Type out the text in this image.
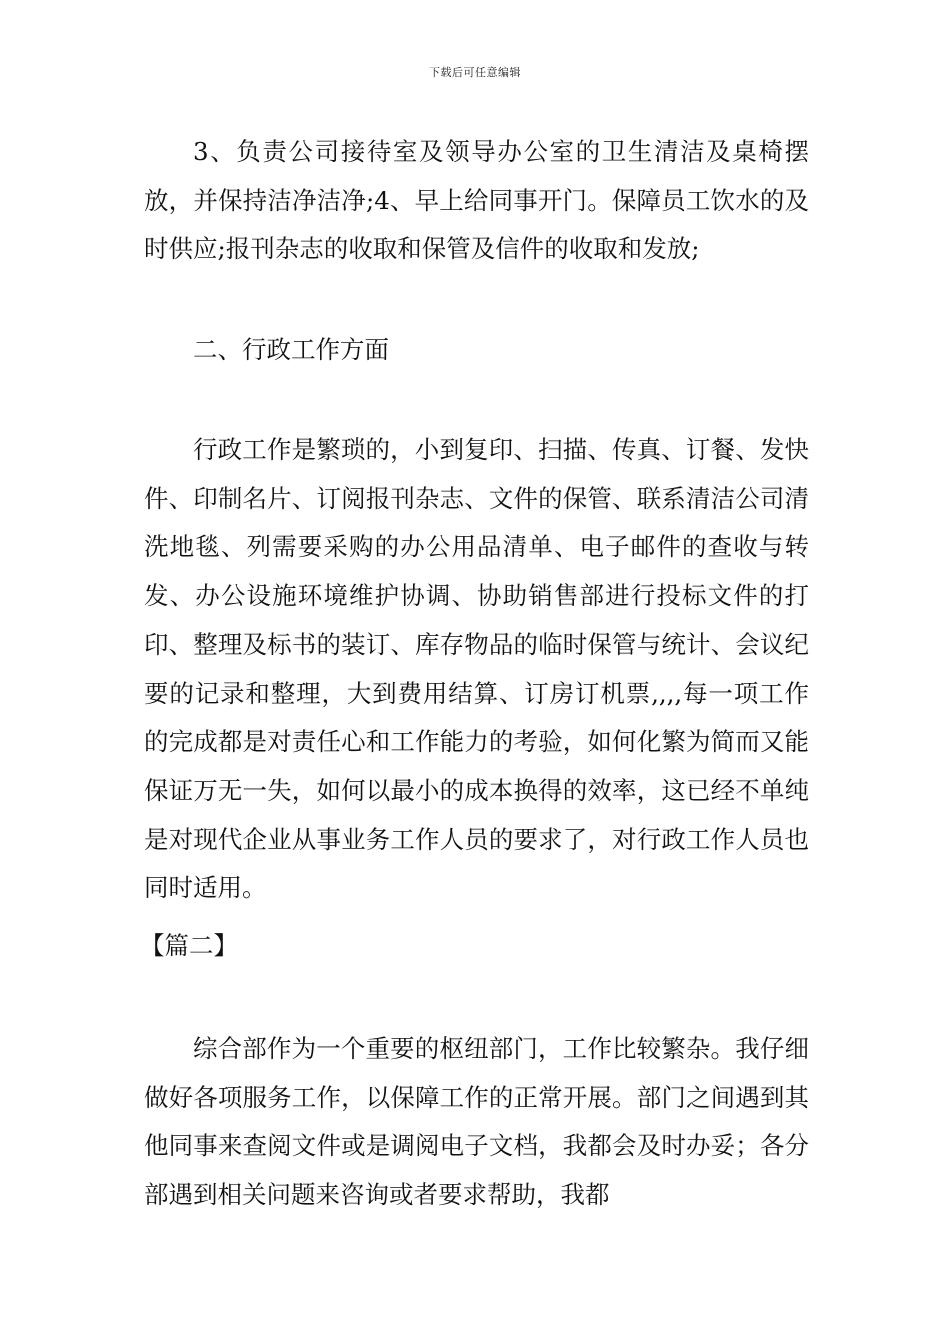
下载后可任意编辑

3、负责公司接待室及领导办公室的卫生清洁及桌椅摆放，并保持洁净洁净;4、早上给同事开门。保障员工饮水的及时供应;报刊杂志的收取和保管及信件的收取和发放;

二、行政工作方面

行政工作是繁琐的，小到复印、扫描、传真、订餐、发快件、印制名片、订阅报刊杂志、文件的保管、联系清洁公司清洗地毯、列需要采购的办公用品清单、电子邮件的查收与转发、办公设施环境维护协调、协助销售部进行投标文件的打印、整理及标书的装订、库存物品的临时保管与统计、会议纪要的记录和整理，大到费用结算、订房订机票,,,,每一项工作的完成都是对责任心和工作能力的考验，如何化繁为简而又能保证万无一失，如何以最小的成本换得的效率，这已经不单纯是对现代企业从事业务工作人员的要求了，对行政工作人员也同时适用。

【篇二】

综合部作为一个重要的枢纽部门，工作比较繁杂。我仔细做好各项服务工作，以保障工作的正常开展。部门之间遇到其他同事来查阅文件或是调阅电子文档，我都会及时办妥；各分部遇到相关问题来咨询或者要求帮助，我都
